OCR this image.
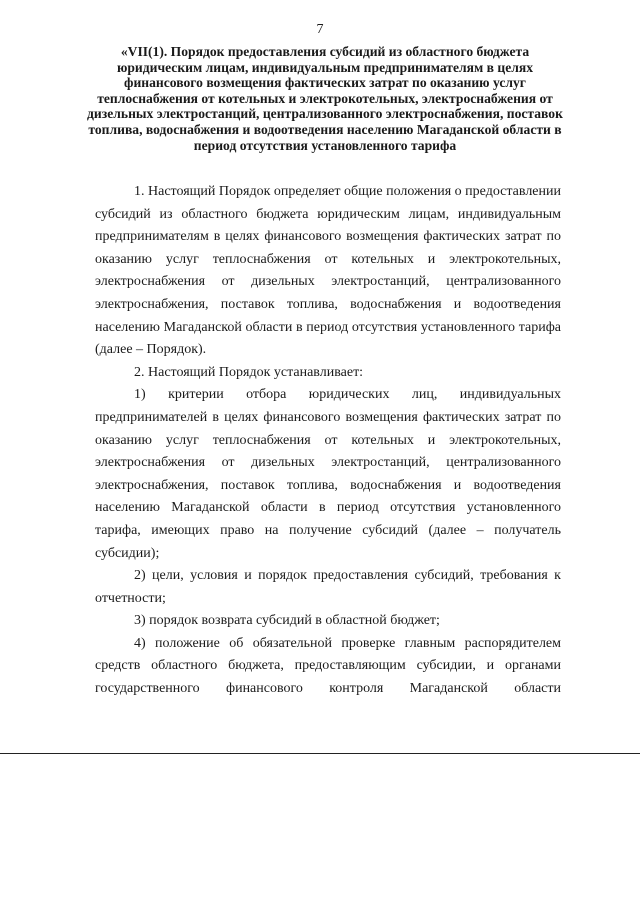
7
«VII(1). Порядок предоставления субсидий из областного бюджета юридическим лицам, индивидуальным предпринимателям в целях финансового возмещения фактических затрат по оказанию услуг теплоснабжения от котельных и электрокотельных, электроснабжения от дизельных электростанций, централизованного электроснабжения, поставок топлива, водоснабжения и водоотведения населению Магаданской области в период отсутствия установленного тарифа

1. Настоящий Порядок определяет общие положения о предоставлении субсидий из областного бюджета юридическим лицам, индивидуальным предпринимателям в целях финансового возмещения фактических затрат по оказанию услуг теплоснабжения от котельных и электрокотельных, электроснабжения от дизельных электростанций, централизованного электроснабжения, поставок топлива, водоснабжения и водоотведения населению Магаданской области в период отсутствия установленного тарифа (далее – Порядок).

2. Настоящий Порядок устанавливает:

1) критерии отбора юридических лиц, индивидуальных предпринимателей в целях финансового возмещения фактических затрат по оказанию услуг теплоснабжения от котельных и электрокотельных, электроснабжения от дизельных электростанций, централизованного электроснабжения, поставок топлива, водоснабжения и водоотведения населению Магаданской области в период отсутствия установленного тарифа, имеющих право на получение субсидий (далее – получатель субсидии);

2) цели, условия и порядок предоставления субсидий, требования к отчетности;

3) порядок возврата субсидий в областной бюджет;

4) положение об обязательной проверке главным распорядителем средств областного бюджета, предоставляющим субсидии, и органами государственного финансового контроля Магаданской области
